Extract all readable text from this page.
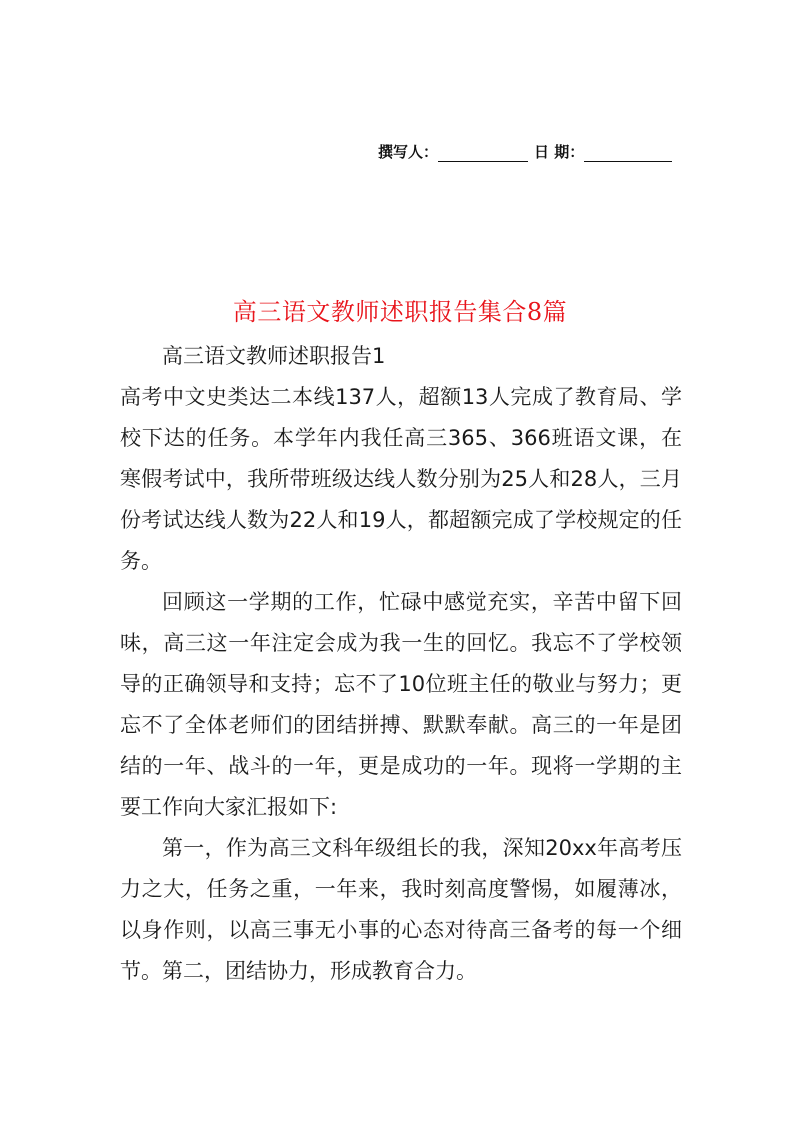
撰写人：	日 期：
高三语文教师述职报告集合8篇

高三语文教师述职报告1

高考中文史类达二本线137人，超额13人完成了教育局、学校下达的任务。本学年内我任高三365、366班语文课，在寒假考试中，我所带班级达线人数分别为25人和28人，三月份考试达线人数为22人和19人，都超额完成了学校规定的任务。

回顾这一学期的工作，忙碌中感觉充实，辛苦中留下回味，高三这一年注定会成为我一生的回忆。我忘不了学校领导的正确领导和支持；忘不了10位班主任的敬业与努力；更忘不了全体老师们的团结拼搏、默默奉献。高三的一年是团结的一年、战斗的一年，更是成功的一年。现将一学期的主要工作向大家汇报如下:

第一，作为高三文科年级组长的我，深知20xx年高考压力之大，任务之重，一年来，我时刻高度警惕，如履薄冰，以身作则，以高三事无小事的心态对待高三备考的每一个细节。第二，团结协力，形成教育合力。
